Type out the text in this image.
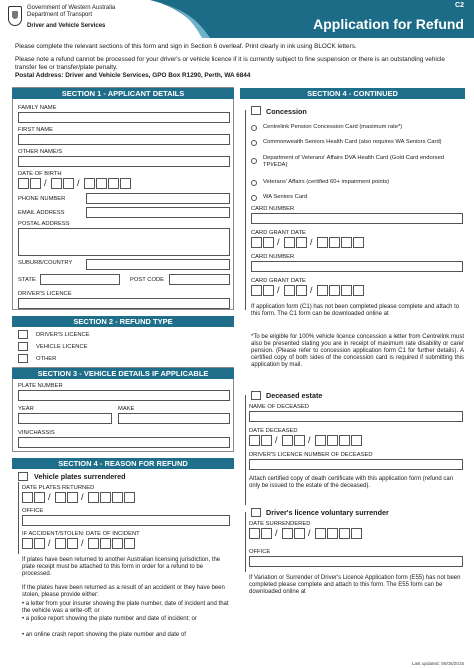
Government of Western Australia
Department of Transport
Driver and Vehicle Services
C2
Application for Refund
Please complete the relevant sections of this form and sign in Section 6 overleaf. Print clearly in ink using BLOCK letters.
Please note a refund cannot be processed for your driver's or vehicle licence if it is currently subject to fine suspension or there is an outstanding vehicle transfer fee or transfer/plate penalty.
Postal Address: Driver and Vehicle Services, GPO Box R1290, Perth, WA 6844
SECTION 1 - APPLICANT DETAILS
FAMILY NAME
FIRST NAME
OTHER NAME/S
DATE OF BIRTH
/	/
PHONE NUMBER
EMAIL ADDRESS
POSTAL ADDRESS
SUBURB/COUNTRY
STATE	POST CODE
DRIVER'S LICENCE
SECTION 2 - REFUND TYPE
DRIVER'S LICENCE
VEHICLE LICENCE
OTHER
SECTION 3 - VEHICLE DETAILS IF APPLICABLE
PLATE NUMBER
YEAR	MAKE
VIN/CHASSIS
SECTION 4 - REASON FOR REFUND
Vehicle plates surrendered
DATE PLATES RETURNED
/	/
OFFICE
IF ACCIDENT/STOLEN: DATE OF INCIDENT
/	/
If plates have been returned to another Australian licensing jurisdiction, the plate receipt must be attached to this form in order for a refund to be processed.
If the plates have been returned as a result of an accident or they have been stolen, please provide either:
• a letter from your insurer showing the plate number, date of incident and that the vehicle was a write-off; or
• a police report showing the plate number and date of incident; or
• an online crash report showing the plate number and date of
SECTION 4 - CONTINUED
Concession
Centrelink Pension Concession Card (maximum rate*)
Commonwealth Seniors Health Card (also requires WA Seniors Card)
Department of Veterans' Affairs DVA Health Card (Gold Card endorsed TPI/EDA)
Veterans' Affairs (certified 60+ impairment points)
WA Seniors Card
CARD NUMBER
CARD GRANT DATE
/	/
CARD NUMBER
CARD GRANT DATE
/	/
If application form (C1) has not been completed please complete and attach to this form. The C1 form can be downloaded online at
*To be eligible for 100% vehicle licence concession a letter from Centrelink must also be presented stating you are in receipt of maximum rate disability or carer pension. (Please refer to concession application form C1 for further details). A certified copy of both sides of the concession card is required if submitting this application by mail.
Deceased estate
NAME OF DECEASED
DATE DECEASED
/	/
DRIVER'S LICENCE NUMBER OF DECEASED
Attach certified copy of death certificate with this application form (refund can only be issued to the estate of the deceased).
Driver's licence voluntary surrender
DATE SURRENDERED
/	/
OFFICE
If Variation or Surrender of Driver's Licence Application form (E55) has not been completed please complete and attach to this form. The E55 form can be downloaded online at
Last updated: 05/05/2016
